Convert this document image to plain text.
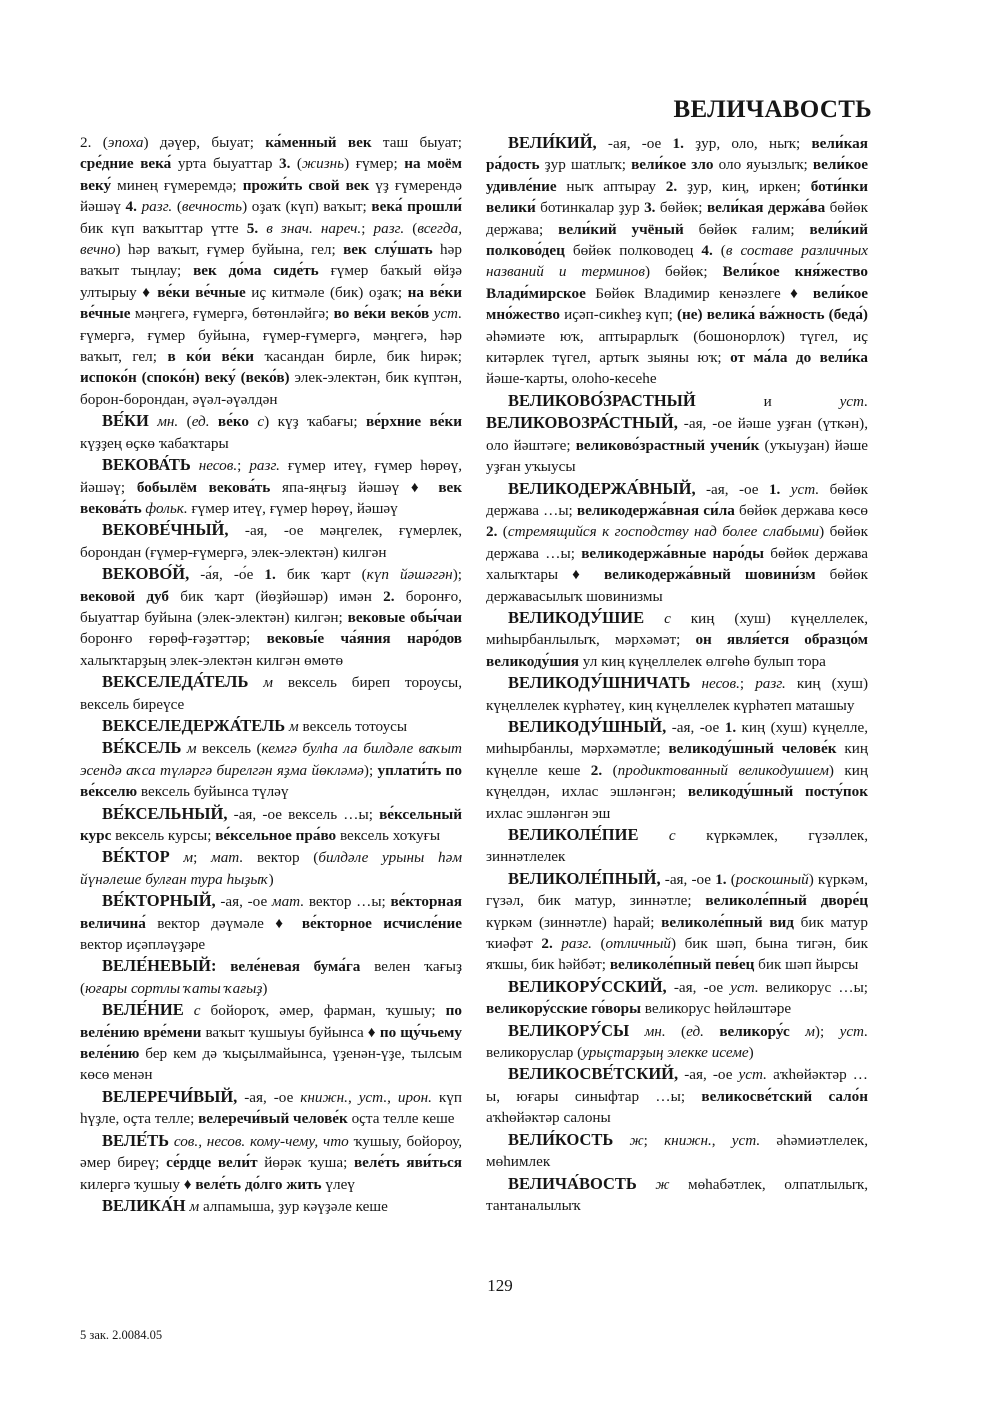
ВЕЛИЧАВОСТЬ

2. (эпоха) дәүер, быуат; ка́менный век таш быуат; сре́дние века́ урта быуаттар 3. (жизнь) ғүмер; на моём веку́ минең ғүмеремдә; прожи́ть свой век үҙ ғүмерендә йәшәү 4. разг. (вечность) оҙаҡ (күп) ваҡыт; века́ прошли́ бик күп ваҡыттар үтте 5. в знач. нареч.; разг. (всегда, вечно) һәр ваҡыт, ғүмер буйына, гел; век слу́шать һәр ваҡыт тыңлау; век до́ма сиде́ть ғүмер баҡый өйҙә ултырыу ♦ ве́ки ве́чные иҫ китмәле (бик) оҙаҡ; на ве́ки ве́чные мәңгегә, ғүмергә, бөтөнләйгә; во ве́ки веко́в уст. ғүмергә, ғүмер буйына, ғүмер-ғүмергә, мәңгегә, һәр ваҡыт, гел; в ко́и ве́ки ҡасандан бирле, бик һирәк; испоко́н (споко́н) веку́ (веко́в) элек-электән, бик күптән, борон-борондан, әүәл-әүәлдән

ВЕ́КИ мн. (ед. ве́ко с) күҙ ҡабағы; ве́рхние ве́ки күҙҙең өҫкө ҡабаҡтары

ВЕКОВА́ТЬ несов.; разг. ғүмер итеү, ғүмер һөрөү, йәшәү; бобылём векова́ть япа-яңғыҙ йәшәү ♦ век векова́ть фольк. ғүмер итеү, ғүмер һөрөү, йәшәү

ВЕКОВЕ́ЧНЫЙ, -ая, -ое мәңгелек, ғүмерлек, борондан (ғүмер-ғүмергә, элек-электән) килгән

ВЕКОВО́Й, -а́я, -о́е 1. бик ҡарт (күп йәшәгән); вековой дуб бик ҡарт (йөҙйәшәр) имән 2. боронғо, быуаттар буйына (элек-электән) килгән; вековые обы́чаи боронғо ғөрөф-ғәҙәттәр; вековы́е ча́яния наро́дов халыҡтарҙың элек-электән килгән өмөтө

ВЕКСЕЛЕДА́ТЕЛЬ м вексель биреп тороусы, вексель биреүсе

ВЕКСЕЛЕДЕРЖА́ТЕЛЬ м вексель тотоусы

ВЕ́КСЕЛЬ м вексель (кемгә булһа ла билдәле ваҡыт эсендә аҡса түләргә бирелгән яҙма йөкләмә); уплати́ть по ве́кселю вексель буйынса түләү

ВЕ́КСЕЛЬНЫЙ, -ая, -ое вексель …ы; ве́ксельный курс вексель курсы; ве́ксельное пра́во вексель хоҡуғы

ВЕ́КТОР м; мат. вектор (билдәле урыны һәм йүнәлеше булған тура һыҙыҡ)

ВЕ́КТОРНЫЙ, -ая, -ое мат. вектор …ы; ве́кторная величина́ вектор дәүмәле ♦ ве́кторное исчисле́ние вектор иҫәпләүҙәре

ВЕЛЕ́НЕВЫЙ: веле́невая бума́га велен ҡағыҙ (юғары сортлы ҡаты ҡағыҙ)

ВЕЛЕ́НИЕ с бойороҡ, әмер, фарман, ҡушыу; по веле́нию вре́мени ваҡыт ҡушыуы буйынса ♦ по щу́чьему веле́нию бер кем дә ҡыҫылмайынса, үҙенән-үҙе, тылсым көсө менән

ВЕЛЕРЕЧИ́ВЫЙ, -ая, -ое книжн., уст., ирон. күп һүҙле, оҫта телле; велеречи́вый челове́к оҫта телле кеше

ВЕЛЕ́ТЬ сов., несов. кому-чему, что ҡушыу, бойороу, әмер биреү; се́рдце вели́т йөрәк ҡуша; веле́ть яви́ться килергә ҡушыу ♦ веле́ть до́лго жить үлеү

ВЕЛИКА́Н м алпамыша, ҙур кәүҙәле кеше

ВЕЛИ́КИЙ, -ая, -ое 1. ҙур, оло, ныҡ; вели́кая ра́дость ҙур шатлыҡ; вели́кое зло оло яуызлыҡ; вели́кое удивле́ние ныҡ аптырау 2. ҙур, киң, иркен; боти́нки велики́ ботинкалар ҙур 3. бөйөк; вели́кая держа́ва бөйөк держава; вели́кий учёный бөйөк ғалим; вели́кий полково́дец бөйөк полководец 4. (в составе различных названий и терминов) бөйөк; Вели́кое кня́жество Влади́мирское Бөйөк Владимир кенәзлеге ♦ вели́кое мно́жество иҫәп-сикһеҙ күп; (не) велика́ ва́жность (беда́) әһәмиәте юҡ, аптырарлыҡ (бошонорлоҡ) түгел, иҫ китәрлек түгел, артыҡ зыяны юҡ; от ма́ла до вели́ка йәше-ҡарты, олоһо-кесеһе

ВЕЛИКОВО́ЗРАСТНЫЙ и уст. ВЕЛИКОВОЗРА́СТНЫЙ, -ая, -ое йәше уҙған (үткән), оло йәштәге; великово́зрастный учени́к (уҡыуҙан) йәше уҙған уҡыусы

ВЕЛИКОДЕРЖА́ВНЫЙ, -ая, -ое 1. уст. бөйөк держава …ы; великодержа́вная си́ла бөйөк держава көсө 2. (стремящийся к господству над более слабыми) бөйөк держава …ы; великодержа́вные наро́ды бөйөк держава халыҡтары ♦ великодержа́вный шовини́зм бөйөк державасылыҡ шовинизмы

ВЕЛИКОДУ́ШИЕ с киң (хуш) күңеллелек, миһырбанлылыҡ, мәрхәмәт; он явля́ется образцо́м великоду́шия ул киң күңеллелек өлгөһө булып тора

ВЕЛИКОДУ́ШНИЧАТЬ несов.; разг. киң (хуш) күңеллелек күрһәтеү, киң күңеллелек күрһәтеп маташыу

ВЕЛИКОДУ́ШНЫЙ, -ая, -ое 1. киң (хуш) күңелле, миһырбанлы, мәрхәмәтле; великоду́шный челове́к киң күңелле кеше 2. (продиктованный великодушием) киң күңелдән, ихлас эшләнгән; великоду́шный посту́пок ихлас эшләнгән эш

ВЕЛИКОЛЕ́ПИЕ с күркәмлек, гүзәллек, зиннәтлелек

ВЕЛИКОЛЕ́ПНЫЙ, -ая, -ое 1. (роскошный) күркәм, гүзәл, бик матур, зиннәтле; великоле́пный дворе́ц күркәм (зиннәтле) һарай; великоле́пный вид бик матур ҡиәфәт 2. разг. (отличный) бик шәп, бына тигән, бик яҡшы, бик һәйбәт; великоле́пный пев́ец бик шәп йырсы

ВЕЛИКОРУ́ССКИЙ, -ая, -ое уст. великорус …ы; великору́сские го́воры великорус һөйләштәре

ВЕЛИКОРУ́СЫ мн. (ед. великору́с м); уст. великоруслар (урыҫтарҙың элекке исеме)

ВЕЛИКОСВЕ́ТСКИЙ, -ая, -ое уст. аҡһөйәктәр …ы, юғары синыфтар …ы; великосве́тский сало́н аҡһөйәктәр салоны

ВЕЛИ́КОСТЬ ж; книжн., уст. әһәмиәтлелек, мөһимлек

ВЕЛИЧА́ВОСТЬ ж мөһабәтлек, олпатлылыҡ, тантаналылыҡ

129
5 зак. 2.0084.05
